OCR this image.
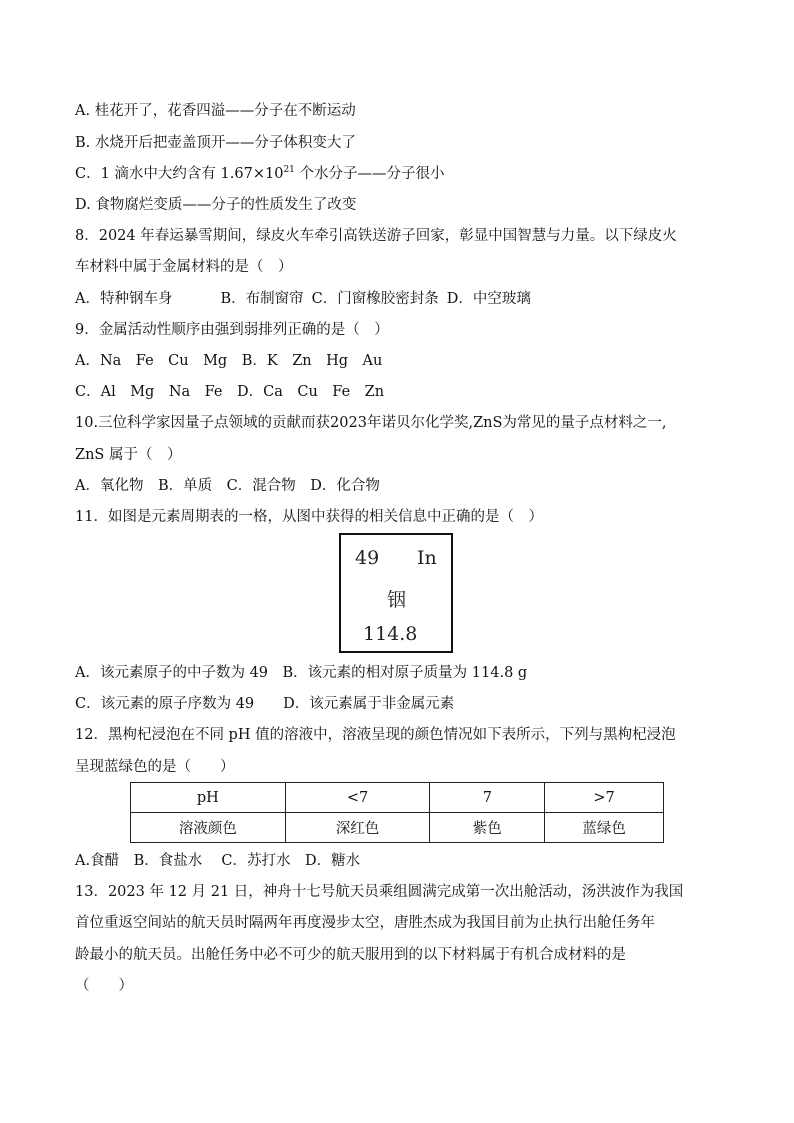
A. 桂花开了，花香四溢——分子在不断运动
B. 水烧开后把壶盖顶开——分子体积变大了
C．1 滴水中大约含有 $1.67\times 10^{21}$ 个水分子——分子很小
D. 食物腐烂变质——分子的性质发生了改变
8．2024 年春运暴雪期间，绿皮火车牵引高铁送游子回家，彰显中国智慧与力量。以下绿皮火
车材料中属于金属材料的是（　）
A．特种钢车身	B．布制窗帘 C．门窗橡胶密封条 D．中空玻璃
9．金属活动性顺序由强到弱排列正确的是（　）
A．Na　Fe　Cu　Mg　B．K　Zn　Hg　Au
C．Al　Mg　Na　Fe　D．Ca　Cu　Fe　Zn
10.三位科学家因量子点领域的贡献而获2023年诺贝尔化学奖,ZnS为常见的量子点材料之一,
ZnS 属于（　）
A．氧化物　B．单质　C．混合物　D．化合物
11．如图是元素周期表的一格，从图中获得的相关信息中正确的是（　）
49 In
铟
114.8
A．该元素原子的中子数为 49　B．该元素的相对原子质量为 114.8 g
C．该元素的原子序数为 49　　D．该元素属于非金属元素
12．黑枸杞浸泡在不同 pH 值的溶液中，溶液呈现的颜色情况如下表所示，下列与黑枸杞浸泡
呈现蓝绿色的是（　　）
pH	<7	7	>7
溶液颜色	深红色	紫色	蓝绿色
A.食醋　B．食盐水　 C．苏打水　D．糖水
13．2023 年 12 月 21 日，神舟十七号航天员乘组圆满完成第一次出舱活动，汤洪波作为我国
首位重返空间站的航天员时隔两年再度漫步太空，唐胜杰成为我国目前为止执行出舱任务年
龄最小的航天员。出舱任务中必不可少的航天服用到的以下材料属于有机合成材料的是
（　　）
